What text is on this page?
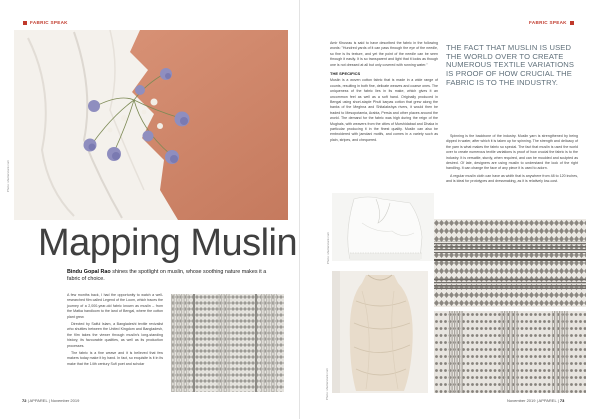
FABRIC SPEAK
Photo: shutterstock.com
Mapping Muslin
Bindu Gopal Rao shines the spotlight on muslin, whose soothing nature makes it a fabric of choice.

A few months back, I had the opportunity to watch a well-researched film called Legend of the Loom, which traces the journey of a 2,000-year-old fabric known as muslin – from the Matka handloom to the land of Bengal, where the cotton plant grew.

Directed by Saiful Islam, a Bangladeshi textile revivalist who shuttles between the United Kingdom and Bangladesh, the film takes the viewer through muslin's long-standing history, its favourable qualities, as well as its production processes.

The fabric is a fine weave and it is believed that few makers today make it by hand. In fact, so exquisite is it in its make that the 14th century Sufi poet and scholar

72 | APPAREL | November 2019
FABRIC SPEAK

Amir Khusrau is said to have described the fabric in the following words: "Hundred yards of it can pass through the eye of the needle, so fine is its texture, and yet the point of the needle can be seen through it easily. It is so transparent and light that it looks as though one is not dressed at all but only covered with running water."

THE SPECIFICS

Muslin is a woven cotton fabric that is made in a wide range of counts, resulting in both fine, delicate weaves and coarse ones. The uniqueness of the fabric lies in its make, which gives it an uncommon feel as well as a soft hand. Originally produced in Bengal using short-staple Phuti karpas cotton that grew along the banks of the Meghna and Shitalakshya rivers, it would then be traded to Mesopotamia, Arabia, Persia and other places around the world. The demand for the fabric was high during the reign of the Mughals, with weavers from the cities of Murshidabad and Dhaka in particular producing it in the finest quality. Muslin can also be embroidered with jamdani motifs, and comes in a variety such as plain, stripes, and chequered.

Spinning is the backbone of the industry. Muslin yarn is strengthened by being dipped in water, after which it is taken up for spinning. The strength and delicacy of the yarn is what makes the fabric so special. The fact that muslin is used the world over to create numerous textile variations is proof of how crucial the fabric is to the industry. It is versatile, sturdy, when required, and can be moulded and sculpted as desired. Of late, designers are using muslin to understand the look of the right handling. It can change the face of any piece it is used to adorn.

A regular muslin cloth can have as width that is anywhere from 48 to 120 inches, and is ideal for prototypes and dressmaking, as it is relatively low-cost.

Photo: shutterstock.com
Photo: shutterstock.com
November 2019 | APPAREL | 73
THE FACT THAT MUSLIN IS USED THE WORLD OVER TO CREATE NUMEROUS TEXTILE VARIATIONS IS PROOF OF HOW CRUCIAL THE FABRIC IS TO THE INDUSTRY.
